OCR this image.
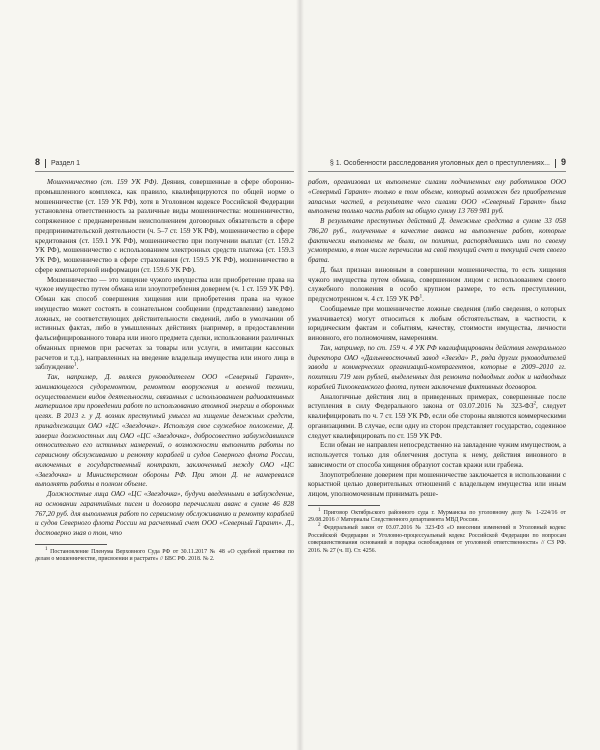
8 Раздел 1

Мошенничество (ст. 159 УК РФ). Деяния, совершенные в сфере оборонно-промышленного комплекса, как правило, квалифицируются по общей норме о мошенничестве (ст. 159 УК РФ), хотя в Уголовном кодексе Российской Федерации установлена ответственность за различные виды мошенничества: мошенничество, сопряженное с преднамеренным неисполнением договорных обязательств в сфере предпринимательской деятельности (ч. 5–7 ст. 159 УК РФ), мошенничество в сфере кредитования (ст. 159.1 УК РФ), мошенничество при получении выплат (ст. 159.2 УК РФ), мошенничество с использованием электронных средств платежа (ст. 159.3 УК РФ), мошенничество в сфере страхования (ст. 159.5 УК РФ), мошенничество в сфере компьютерной информации (ст. 159.6 УК РФ).

Мошенничество — это хищение чужого имущества или приобретение права на чужое имущество путем обмана или злоупотребления доверием (ч. 1 ст. 159 УК РФ). Обман как способ совершения хищения или приобретения права на чужое имущество может состоять в сознательном сообщении (представлении) заведомо ложных, не соответствующих действительности сведений, либо в умолчании об истинных фактах, либо в умышленных действиях (например, в предоставлении фальсифицированного товара или иного предмета сделки, использовании различных обманных приемов при расчетах за товары или услуги, в имитации кассовых расчетов и т.д.), направленных на введение владельца имущества или иного лица в заблуждение$^1$.

Так, например, Д. являлся руководителем ООО «Северный Гарант», занимающегося судоремонтом, ремонтом вооружения и военной техники, осуществлением видов деятельности, связанных с использованием радиоактивных материалов при проведении работ по использованию атомной энергии в оборонных целях. В 2013 г. у Д. возник преступный умысел на хищение денежных средств, принадлежащих ОАО «ЦС «Звездочка». Используя свое служебное положение, Д. заверил должностных лиц ОАО «ЦС «Звездочка», добросовестно заблуждавшихся относительно его истинных намерений, о возможности выполнить работы по сервисному обслуживанию и ремонту кораблей и судов Северного флота России, включенных в государственный контракт, заключенный между ОАО «ЦС «Звездочка» и Министерством обороны РФ. При этом Д. не намеревался выполнять работы в полном объеме.

Должностные лица ОАО «ЦС «Звездочка», будучи введенными в заблуждение, на основании гарантийных писем и договора перечислили аванс в сумме 46 828 767,20 руб. для выполнения работ по сервисному обслуживанию и ремонту кораблей и судов Северного флота России на расчетный счет ООО «Северный Гарант». Д., достоверно зная о том, что

$^1$ Постановление Пленума Верховного Суда РФ от 30.11.2017 № 48 «О судебной практике по делам о мошенничестве, присвоении и растрате» // БВС РФ. 2018. № 2.

§ 1. Особенности расследования уголовных дел о преступлениях... 9

работ, организовал их выполнение силами подчиненных ему работников ООО «Северный Гарант» только в том объеме, который возможен без приобретения запасных частей, в результате чего силами ООО «Северный Гарант» была выполнена только часть работ на общую сумму 13 769 981 руб.

В результате преступных действий Д. денежные средства в сумме 33 058 786,20 руб., полученные в качестве аванса на выполнение работ, которые фактически выполнены не были, он похитил, распорядившись ими по своему усмотрению, в том числе перечислив на свой текущий счет и текущий счет своего брата.

Д. был признан виновным в совершении мошенничества, то есть хищения чужого имущества путем обмана, совершенном лицом с использованием своего служебного положения в особо крупном размере, то есть преступлении, предусмотренном ч. 4 ст. 159 УК $РФ^1$.

Сообщаемые при мошенничестве ложные сведения (либо сведения, о которых умалчивается) могут относиться к любым обстоятельствам, в частности, к юридическим фактам и событиям, качеству, стоимости имущества, личности виновного, его полномочиям, намерениям.

Так, например, по ст. 159 ч. 4 УК РФ квалифицированы действия генерального директора ОАО «Дальневосточный завод «Звезда» Р., ряда других руководителей завода и коммерческих организаций-контрагентов, которые в 2009–2010 гг. похитили 719 млн рублей, выделенных для ремонта подводных лодок и надводных кораблей Тихоокеанского флота, путем заключения фиктивных договоров.

Аналогичные действия лиц в приведенных примерах, совершенные после вступления в силу Федерального закона от 03.07.2016 № $323-ФЗ^2$, следует квалифицировать по ч. 7 ст. 159 УК РФ, если обе стороны являются коммерческими организациями. В случае, если одну из сторон представляет государство, содеянное следует квалифицировать по ст. 159 УК РФ.

Если обман не направлен непосредственно на завладение чужим имуществом, а используется только для облегчения доступа к нему, действия виновного в зависимости от способа хищения образуют состав кражи или грабежа.

Злоупотребление доверием при мошенничестве заключается в использовании с корыстной целью доверительных отношений с владельцем имущества или иным лицом, уполномоченным принимать реше-

$^1$ Приговор Октябрьского районного суда г. Мурманска по уголовному делу № 1-224/16 от 29.08.2016 // Материалы Следственного департамента МВД России.

$^2$ Федеральный закон от 03.07.2016 № 323-ФЗ «О внесении изменений в Уголовный кодекс Российской Федерации и Уголовно-процессуальный кодекс Российской Федерации по вопросам совершенствования оснований и порядка освобождения от уголовной ответственности» // СЗ РФ. 2016. № 27 (ч. II). Ст. 4256.
